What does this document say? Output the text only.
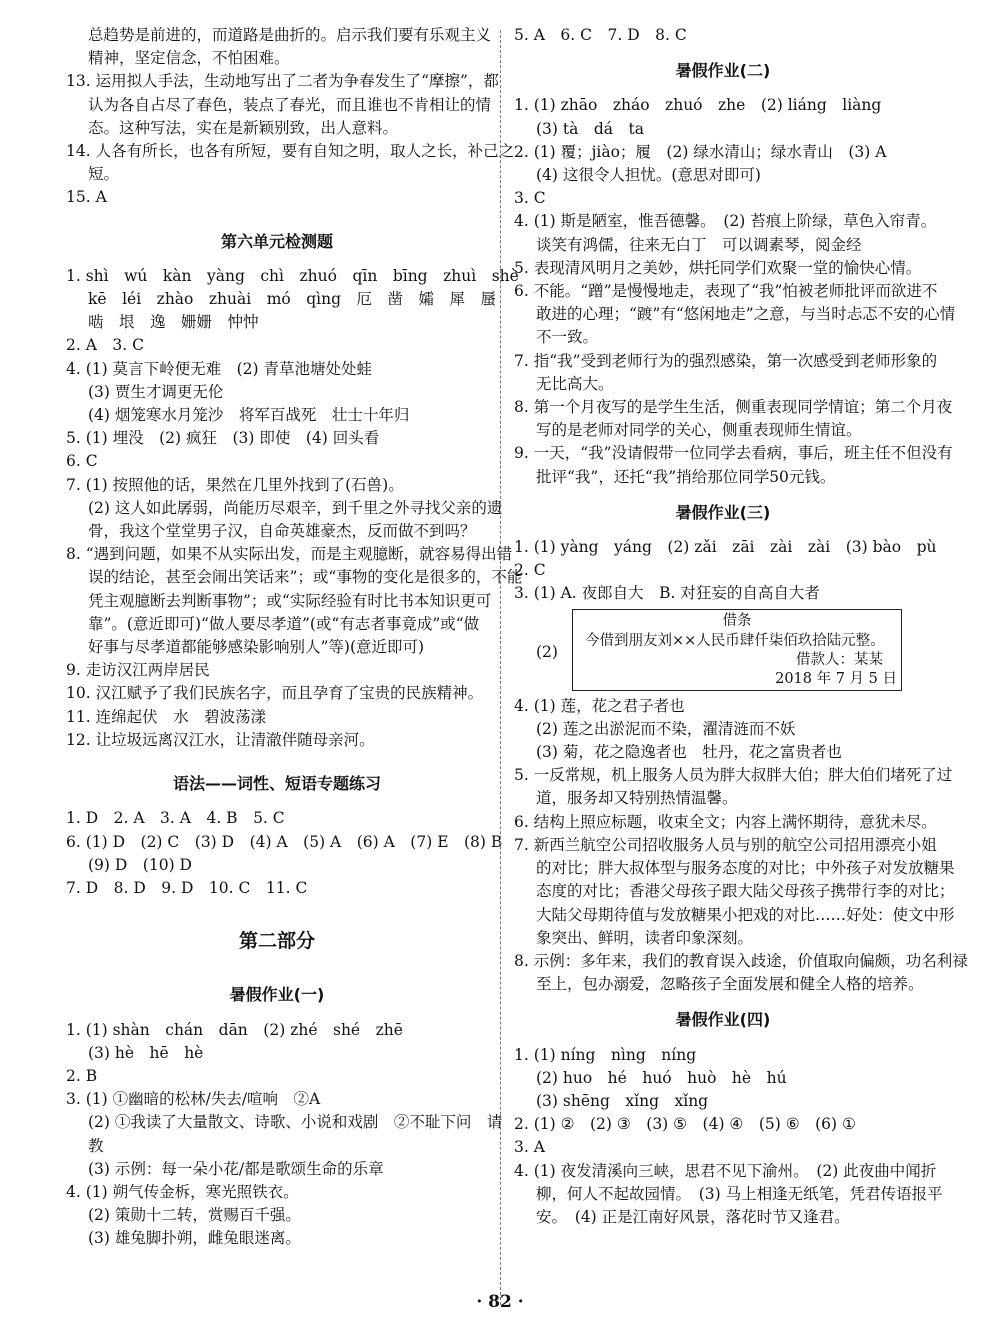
总趋势是前进的，而道路是曲折的。启示我们要有乐观主义
精神，坚定信念，不怕困难。
13. 运用拟人手法，生动地写出了二者为争春发生了“摩擦”，都
认为各自占尽了春色，装点了春光，而且谁也不肯相让的情
态。这种写法，实在是新颖别致，出人意料。
14. 人各有所长，也各有所短，要有自知之明，取人之长，补己之
短。
15. A
第六单元检测题
1. shì　wú　kàn　yàng　chì　zhuó　qīn　bīng　zhuì　shè
kē　léi　zhào　zhuài　mó　qìng　厄　凿　孀　犀　蜃
啮　垠　逸　姗姗　忡忡
2. A　3. C
4. (1) 莫言下岭便无难　(2) 青草池塘处处蛙
(3) 贾生才调更无伦
(4) 烟笼寒水月笼沙　将军百战死　壮士十年归
5. (1) 埋没　(2) 疯狂　(3) 即使　(4) 回头看
6. C
7. (1) 按照他的话，果然在几里外找到了(石兽)。
(2) 这人如此孱弱，尚能历尽艰辛，到千里之外寻找父亲的遗
骨，我这个堂堂男子汉，自命英雄豪杰，反而做不到吗？
8. “遇到问题，如果不从实际出发，而是主观臆断，就容易得出错
误的结论，甚至会闹出笑话来”；或“事物的变化是很多的，不能
凭主观臆断去判断事物”；或“实际经验有时比书本知识更可
靠”。(意近即可)“做人要尽孝道”(或“有志者事竟成”或“做
好事与尽孝道都能够感染影响别人”等)(意近即可)
9. 走访汉江两岸居民
10. 汉江赋予了我们民族名字，而且孕育了宝贵的民族精神。
11. 连绵起伏　水　碧波荡漾
12. 让垃圾远离汉江水，让清澈伴随母亲河。
语法——词性、短语专题练习
1. D　2. A　3. A　4. B　5. C
6. (1) D　(2) C　(3) D　(4) A　(5) A　(6) A　(7) E　(8) B
(9) D　(10) D
7. D　8. D　9. D　10. C　11. C
第二部分
暑假作业(一)
1. (1) shàn　chán　dān　(2) zhé　shé　zhē
(3) hè　hē　hè
2. B
3. (1) ①幽暗的松林/失去/喧响　②A
(2) ①我读了大量散文、诗歌、小说和戏剧　②不耻下问　请
教
(3) 示例：每一朵小花/都是歌颂生命的乐章
4. (1) 朔气传金柝，寒光照铁衣。
(2) 策勋十二转，赏赐百千强。
(3) 雄兔脚扑朔，雌兔眼迷离。
5. A　6. C　7. D　8. C
暑假作业(二)
1. (1) zhāo　zháo　zhuó　zhe　(2) liáng　liàng
(3) tà　dá　ta
2. (1) 覆；jiào；履　(2) 绿水清山；绿水青山　(3) A
(4) 这很令人担忧。(意思对即可)
3. C
4. (1) 斯是陋室，惟吾德馨。　(2) 苔痕上阶绿，草色入帘青。
谈笑有鸿儒，往来无白丁　可以调素琴，阅金经
5. 表现清风明月之美妙，烘托同学们欢聚一堂的愉快心情。
6. 不能。“蹭”是慢慢地走，表现了“我”怕被老师批评而欲进不
敢进的心理；“踱”有“悠闲地走”之意，与当时忐忑不安的心情
不一致。
7. 指“我”受到老师行为的强烈感染，第一次感受到老师形象的
无比高大。
8. 第一个月夜写的是学生生活，侧重表现同学情谊；第二个月夜
写的是老师对同学的关心，侧重表现师生情谊。
9. 一天，“我”没请假带一位同学去看病，事后，班主任不但没有
批评“我”，还托“我”捎给那位同学50元钱。
暑假作业(三)
1. (1) yàng　yáng　(2) zǎi　zāi　zài　zài　(3) bào　pù
2. C
3. (1) A. 夜郎自大　B. 对狂妄的自高自大者
(2)
借条
今借到朋友刘××人民币肆仟柒佰玖拾陆元整。
借款人：某某
2018 年 7 月 5 日
4. (1) 莲，花之君子者也
(2) 莲之出淤泥而不染，濯清涟而不妖
(3) 菊，花之隐逸者也　牡丹，花之富贵者也
5. 一反常规，机上服务人员为胖大叔胖大伯；胖大伯们堵死了过
道，服务却又特别热情温馨。
6. 结构上照应标题，收束全文；内容上满怀期待，意犹未尽。
7. 新西兰航空公司招收服务人员与别的航空公司招用漂亮小姐
的对比；胖大叔体型与服务态度的对比；中外孩子对发放糖果
态度的对比；香港父母孩子跟大陆父母孩子携带行李的对比；
大陆父母期待值与发放糖果小把戏的对比……好处：使文中形
象突出、鲜明，读者印象深刻。
8. 示例：多年来，我们的教育误入歧途，价值取向偏颇，功名利禄
至上，包办溺爱，忽略孩子全面发展和健全人格的培养。
暑假作业(四)
1. (1) níng　nìng　níng
(2) huo　hé　huó　huò　hè　hú
(3) shēng　xǐng　xǐng
2. (1) ②　(2) ③　(3) ⑤　(4) ④　(5) ⑥　(6) ①
3. A
4. (1) 夜发清溪向三峡，思君不见下渝州。　(2) 此夜曲中闻折
柳，何人不起故园情。　(3) 马上相逢无纸笔，凭君传语报平
安。　(4) 正是江南好风景，落花时节又逢君。
· 82 ·
